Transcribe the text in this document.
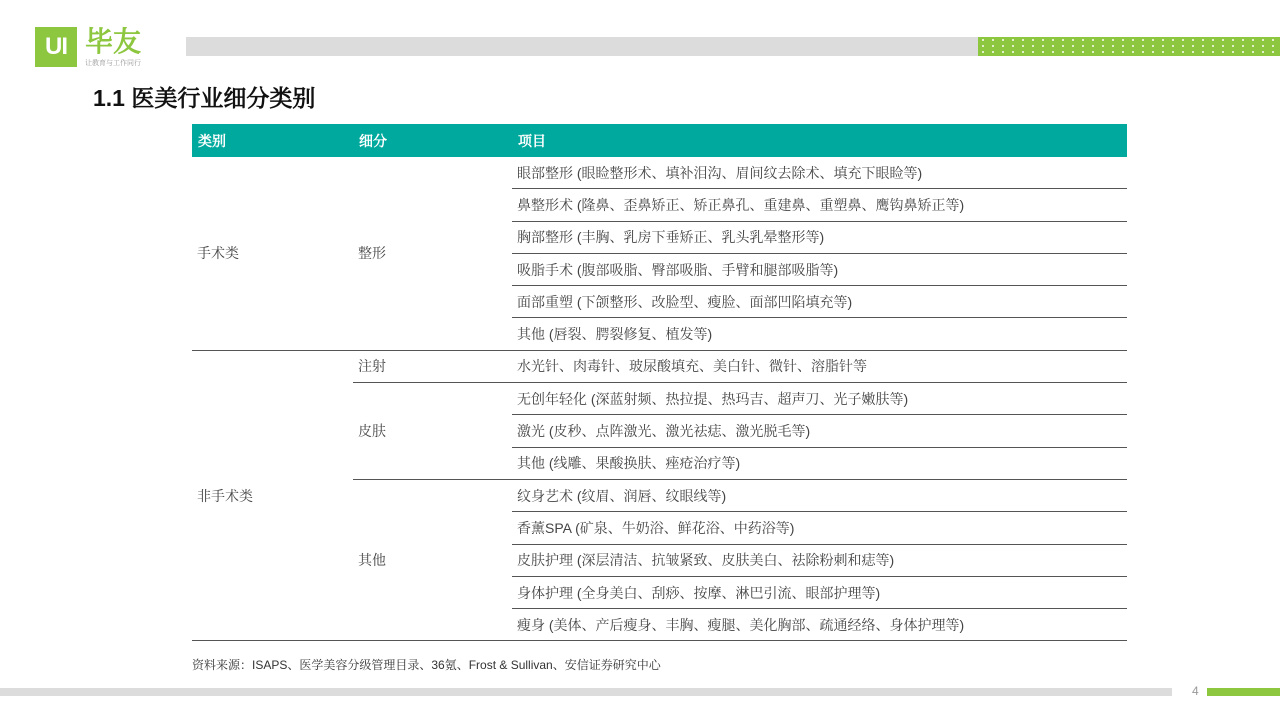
UI 毕友
让教育与工作同行
1.1 医美行业细分类别
类别	细分	项目
手术类	整形	眼部整形 (眼睑整形术、填补泪沟、眉间纹去除术、填充下眼睑等)
		鼻整形术 (隆鼻、歪鼻矫正、矫正鼻孔、重建鼻、重塑鼻、鹰钩鼻矫正等)
		胸部整形 (丰胸、乳房下垂矫正、乳头乳晕整形等)
		吸脂手术 (腹部吸脂、臀部吸脂、手臂和腿部吸脂等)
		面部重塑 (下颌整形、改脸型、瘦脸、面部凹陷填充等)
		其他 (唇裂、腭裂修复、植发等)
非手术类	注射	水光针、肉毒针、玻尿酸填充、美白针、微针、溶脂针等
	皮肤	无创年轻化 (深蓝射频、热拉提、热玛吉、超声刀、光子嫩肤等)
		激光 (皮秒、点阵激光、激光祛痣、激光脱毛等)
		其他 (线雕、果酸换肤、痤疮治疗等)
	其他	纹身艺术 (纹眉、润唇、纹眼线等)
		香薰SPA (矿泉、牛奶浴、鲜花浴、中药浴等)
		皮肤护理 (深层清洁、抗皱紧致、皮肤美白、祛除粉刺和痣等)
		身体护理 (全身美白、刮痧、按摩、淋巴引流、眼部护理等)
		瘦身 (美体、产后瘦身、丰胸、瘦腿、美化胸部、疏通经络、身体护理等)
资料来源：ISAPS、医学美容分级管理目录、36氪、Frost & Sullivan、安信证券研究中心
4
